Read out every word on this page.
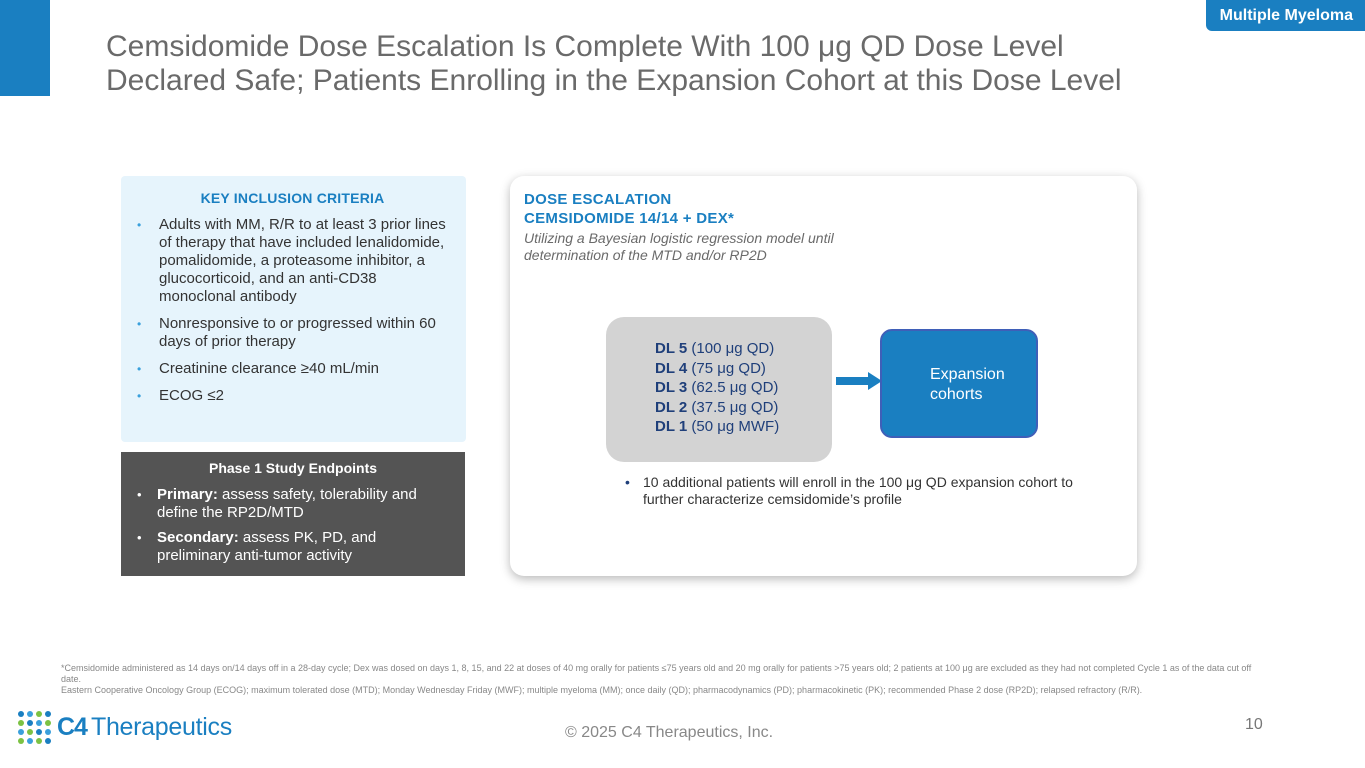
Multiple Myeloma
Cemsidomide Dose Escalation Is Complete With 100 μg QD Dose Level
Declared Safe; Patients Enrolling in the Expansion Cohort at this Dose Level
KEY INCLUSION CRITERIA
• Adults with MM, R/R to at least 3 prior lines of therapy that have included lenalidomide, pomalidomide, a proteasome inhibitor, a glucocorticoid, and an anti-CD38 monoclonal antibody
• Nonresponsive to or progressed within 60 days of prior therapy
• Creatinine clearance ≥40 mL/min
• ECOG ≤2
Phase 1 Study Endpoints
• Primary: assess safety, tolerability and define the RP2D/MTD
• Secondary: assess PK, PD, and preliminary anti-tumor activity
DOSE ESCALATION
CEMSIDOMIDE 14/14 + DEX*
Utilizing a Bayesian logistic regression model until determination of the MTD and/or RP2D
DL 5 (100 μg QD)
DL 4 (75 μg QD)
DL 3 (62.5 μg QD)
DL 2 (37.5 μg QD)
DL 1 (50 μg MWF)
Expansion
cohorts
• 10 additional patients will enroll in the 100 μg QD expansion cohort to further characterize cemsidomide’s profile

*Cemsidomide administered as 14 days on/14 days off in a 28-day cycle; Dex was dosed on days 1, 8, 15, and 22 at doses of 40 mg orally for patients ≤75 years old and 20 mg orally for patients >75 years old; 2 patients at 100 μg are excluded as they had not completed Cycle 1 as of the data cut off date.

Eastern Cooperative Oncology Group (ECOG); maximum tolerated dose (MTD); Monday Wednesday Friday (MWF); multiple myeloma (MM); once daily (QD); pharmacodynamics (PD); pharmacokinetic (PK); recommended Phase 2 dose (RP2D); relapsed refractory (R/R).

C4 Therapeutics	© 2025 C4 Therapeutics, Inc.	10
